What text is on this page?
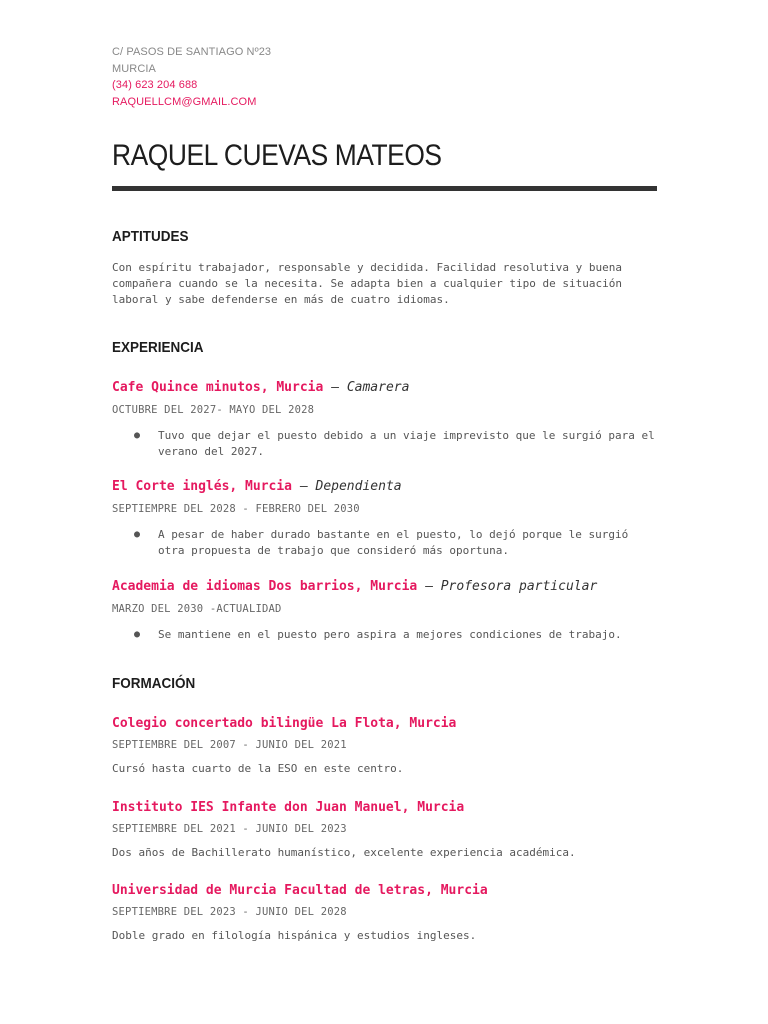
C/ PASOS DE SANTIAGO Nº23
MURCIA
(34) 623 204 688
RAQUELLCM@GMAIL.COM
RAQUEL CUEVAS MATEOS
APTITUDES

Con espíritu trabajador, responsable y decidida. Facilidad resolutiva y buena compañera cuando se la necesita. Se adapta bien a cualquier tipo de situación laboral y sabe defenderse en más de cuatro idiomas.

EXPERIENCIA

Cafe Quince minutos, Murcia — Camarera

OCTUBRE DEL 2027- MAYO DEL 2028

● Tuvo que dejar el puesto debido a un viaje imprevisto que le surgió para el verano del 2027.

El Corte inglés, Murcia — Dependienta

SEPTIEMPRE DEL 2028 - FEBRERO DEL 2030

● A pesar de haber durado bastante en el puesto, lo dejó porque le surgió otra propuesta de trabajo que consideró más oportuna.

Academia de idiomas Dos barrios, Murcia — Profesora particular

MARZO DEL 2030 -ACTUALIDAD

● Se mantiene en el puesto pero aspira a mejores condiciones de trabajo.
FORMACIÓN

Colegio concertado bilingüe La Flota, Murcia

SEPTIEMBRE DEL 2007 - JUNIO DEL 2021

Cursó hasta cuarto de la ESO en este centro.

Instituto IES Infante don Juan Manuel, Murcia

SEPTIEMBRE DEL 2021 - JUNIO DEL 2023

Dos años de Bachillerato humanístico, excelente experiencia académica.

Universidad de Murcia Facultad de letras, Murcia

SEPTIEMBRE DEL 2023 - JUNIO DEL 2028

Doble grado en filología hispánica y estudios ingleses.
